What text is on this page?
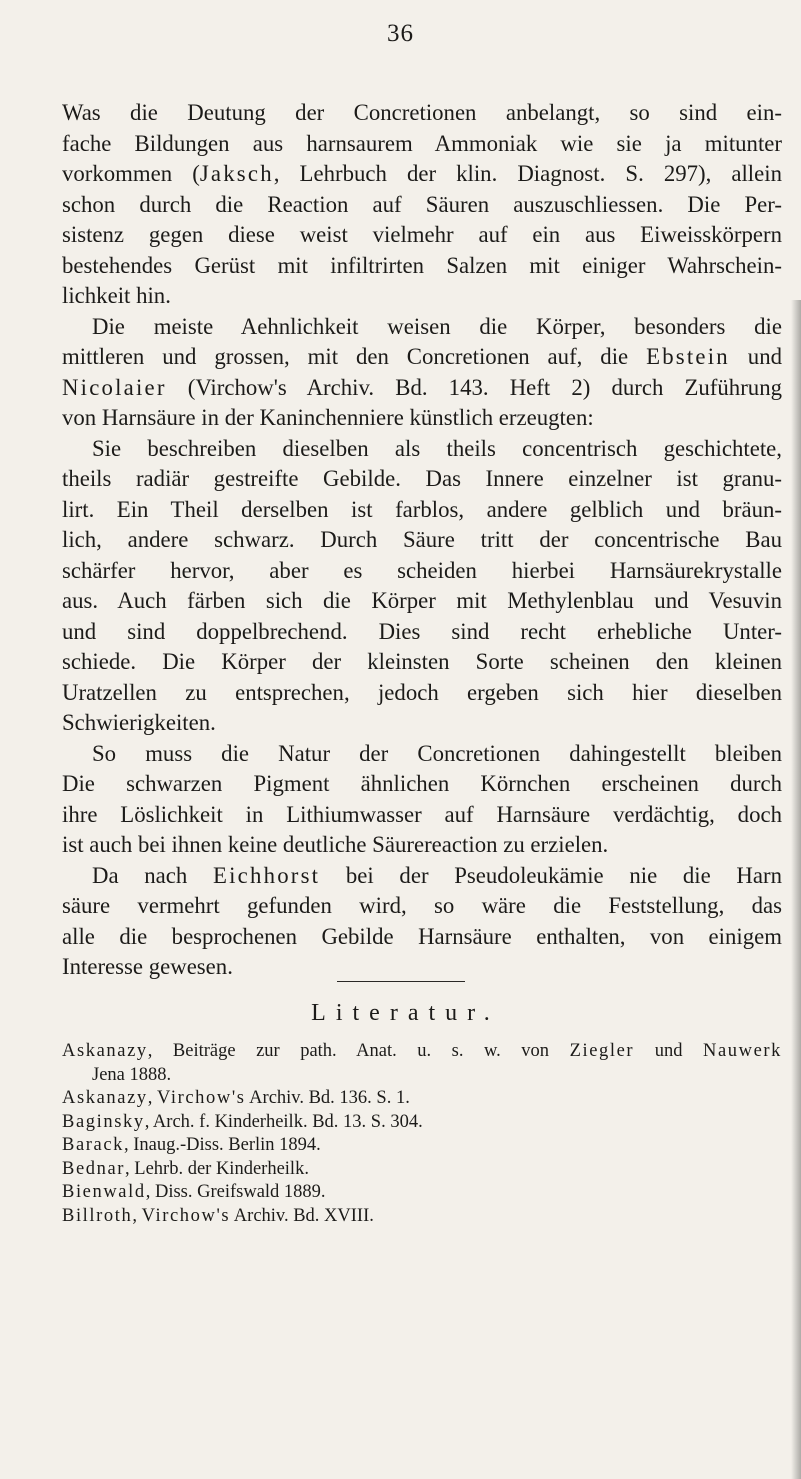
36
Was die Deutung der Concretionen anbelangt, so sind ein-
fache Bildungen aus harnsaurem Ammoniak wie sie ja mitunter
vorkommen (Jaksch, Lehrbuch der klin. Diagnost. S. 297), allein
schon durch die Reaction auf Säuren auszuschliessen. Die Per-
sistenz gegen diese weist vielmehr auf ein aus Eiweisskörpern
bestehendes Gerüst mit infiltrirten Salzen mit einiger Wahrschein-
lichkeit hin.
Die meiste Aehnlichkeit weisen die Körper, besonders die
mittleren und grossen, mit den Concretionen auf, die Ebstein und
Nicolaier (Virchow's Archiv. Bd. 143. Heft 2) durch Zuführung
von Harnsäure in der Kaninchenniere künstlich erzeugten:
Sie beschreiben dieselben als theils concentrisch geschichtete,
theils radiär gestreifte Gebilde. Das Innere einzelner ist granu-
lirt. Ein Theil derselben ist farblos, andere gelblich und bräun-
lich, andere schwarz. Durch Säure tritt der concentrische Bau
schärfer hervor, aber es scheiden hierbei Harnsäurekrystalle
aus. Auch färben sich die Körper mit Methylenblau und Vesuvin
und sind doppelbrechend. Dies sind recht erhebliche Unter-
schiede. Die Körper der kleinsten Sorte scheinen den kleinen
Uratzellen zu entsprechen, jedoch ergeben sich hier dieselben
Schwierigkeiten.
So muss die Natur der Concretionen dahingestellt bleiben
Die schwarzen Pigment ähnlichen Körnchen erscheinen durch
ihre Löslichkeit in Lithiumwasser auf Harnsäure verdächtig, doch
ist auch bei ihnen keine deutliche Säurereaction zu erzielen.
Da nach Eichhorst bei der Pseudoleukämie nie die Harn
säure vermehrt gefunden wird, so wäre die Feststellung, das
alle die besprochenen Gebilde Harnsäure enthalten, von einigem
Interesse gewesen.
Literatur.
Askanazy, Beiträge zur path. Anat. u. s. w. von Ziegler und Nauwerk
Jena 1888.
Askanazy, Virchow's Archiv. Bd. 136. S. 1.
Baginsky, Arch. f. Kinderheilk. Bd. 13. S. 304.
Barack, Inaug.-Diss. Berlin 1894.
Bednar, Lehrb. der Kinderheilk.
Bienwald, Diss. Greifswald 1889.
Billroth, Virchow's Archiv. Bd. XVIII.
